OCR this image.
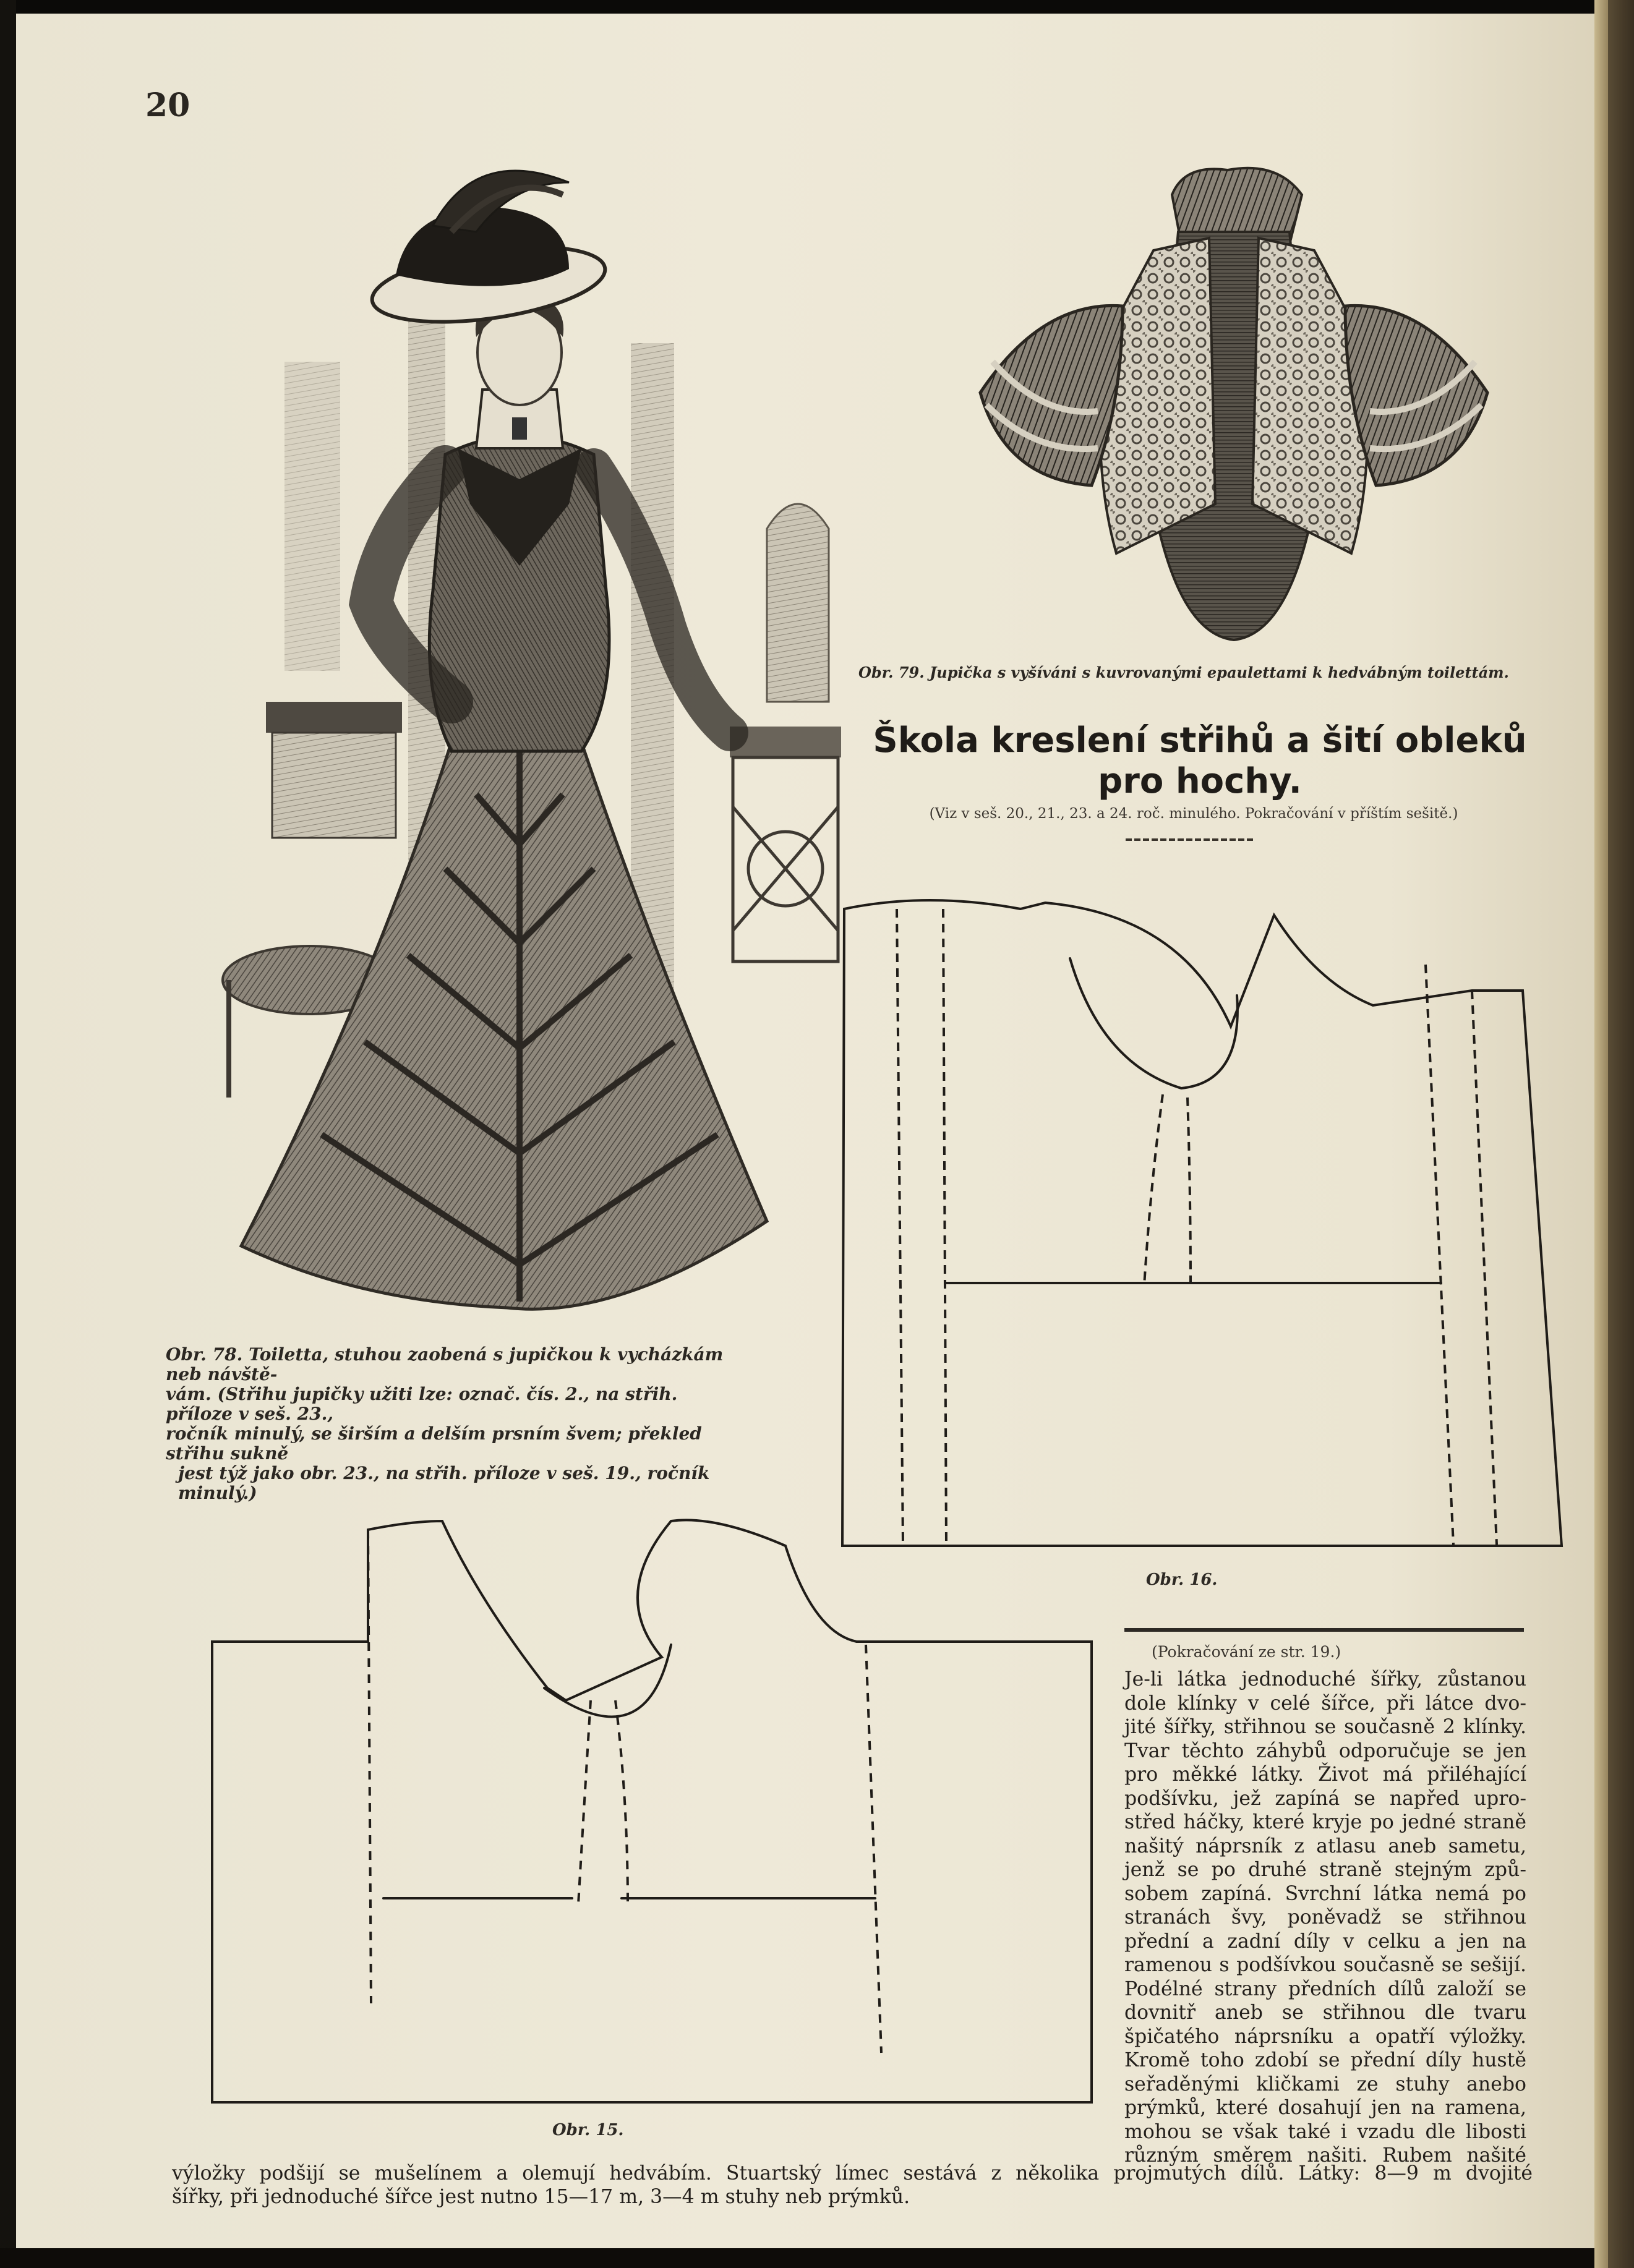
20
Obr. 78. Toiletta, stuhou zaobená s jupičkou k vycházkám neb návště-
vám. (Střihu jupičky užiti lze: označ. čís. 2., na střih. příloze v seš. 23.,
ročník minulý, se širším a delším prsním švem; překled střihu sukně
jest týž jako obr. 23., na střih. příloze v seš. 19., ročník minulý.)
Obr. 79. Jupička s vyšíváni s kuvrovanými epaulettami k hedvábným toilettám.
Škola kreslení střihů a šití obleků
pro hochy.
(Viz v seš. 20., 21., 23. a 24. roč. minulého. Pokračování v příštím sešitě.)
Obr. 16.
Obr. 15.
(Pokračování ze str. 19.)
Je-li látka jednoduché šířky, zůstanou
dole klínky v celé šířce, při látce dvo-
jité šířky, střihnou se současně 2 klínky.
Tvar těchto záhybů odporučuje se jen
pro měkké látky. Život má přiléhající
podšívku, jež zapíná se napřed upro-
střed háčky, které kryje po jedné straně
našitý náprsník z atlasu aneb sametu,
jenž se po druhé straně stejným způ-
sobem zapíná. Svrchní látka nemá po
stranách švy, poněvadž se střihnou
přední a zadní díly v celku a jen na
ramenou s podšívkou současně se sešijí.
Podélné strany předních dílů založí se
dovnitř aneb se střihnou dle tvaru
špičatého náprsníku a opatří výložky.
Kromě toho zdobí se přední díly hustě
seřaděnými kličkami ze stuhy anebo
prýmků, které dosahují jen na ramena,
mohou se však také i vzadu dle libosti
různým směrem našiti. Rubem našité
výložky podšijí se mušelínem a olemují hedvábím. Stuartský límec sestává z několika projmutých dílů. Látky: 8—9 m dvojité
šířky, při jednoduché šířce jest nutno 15—17 m, 3—4 m stuhy neb prýmků.
